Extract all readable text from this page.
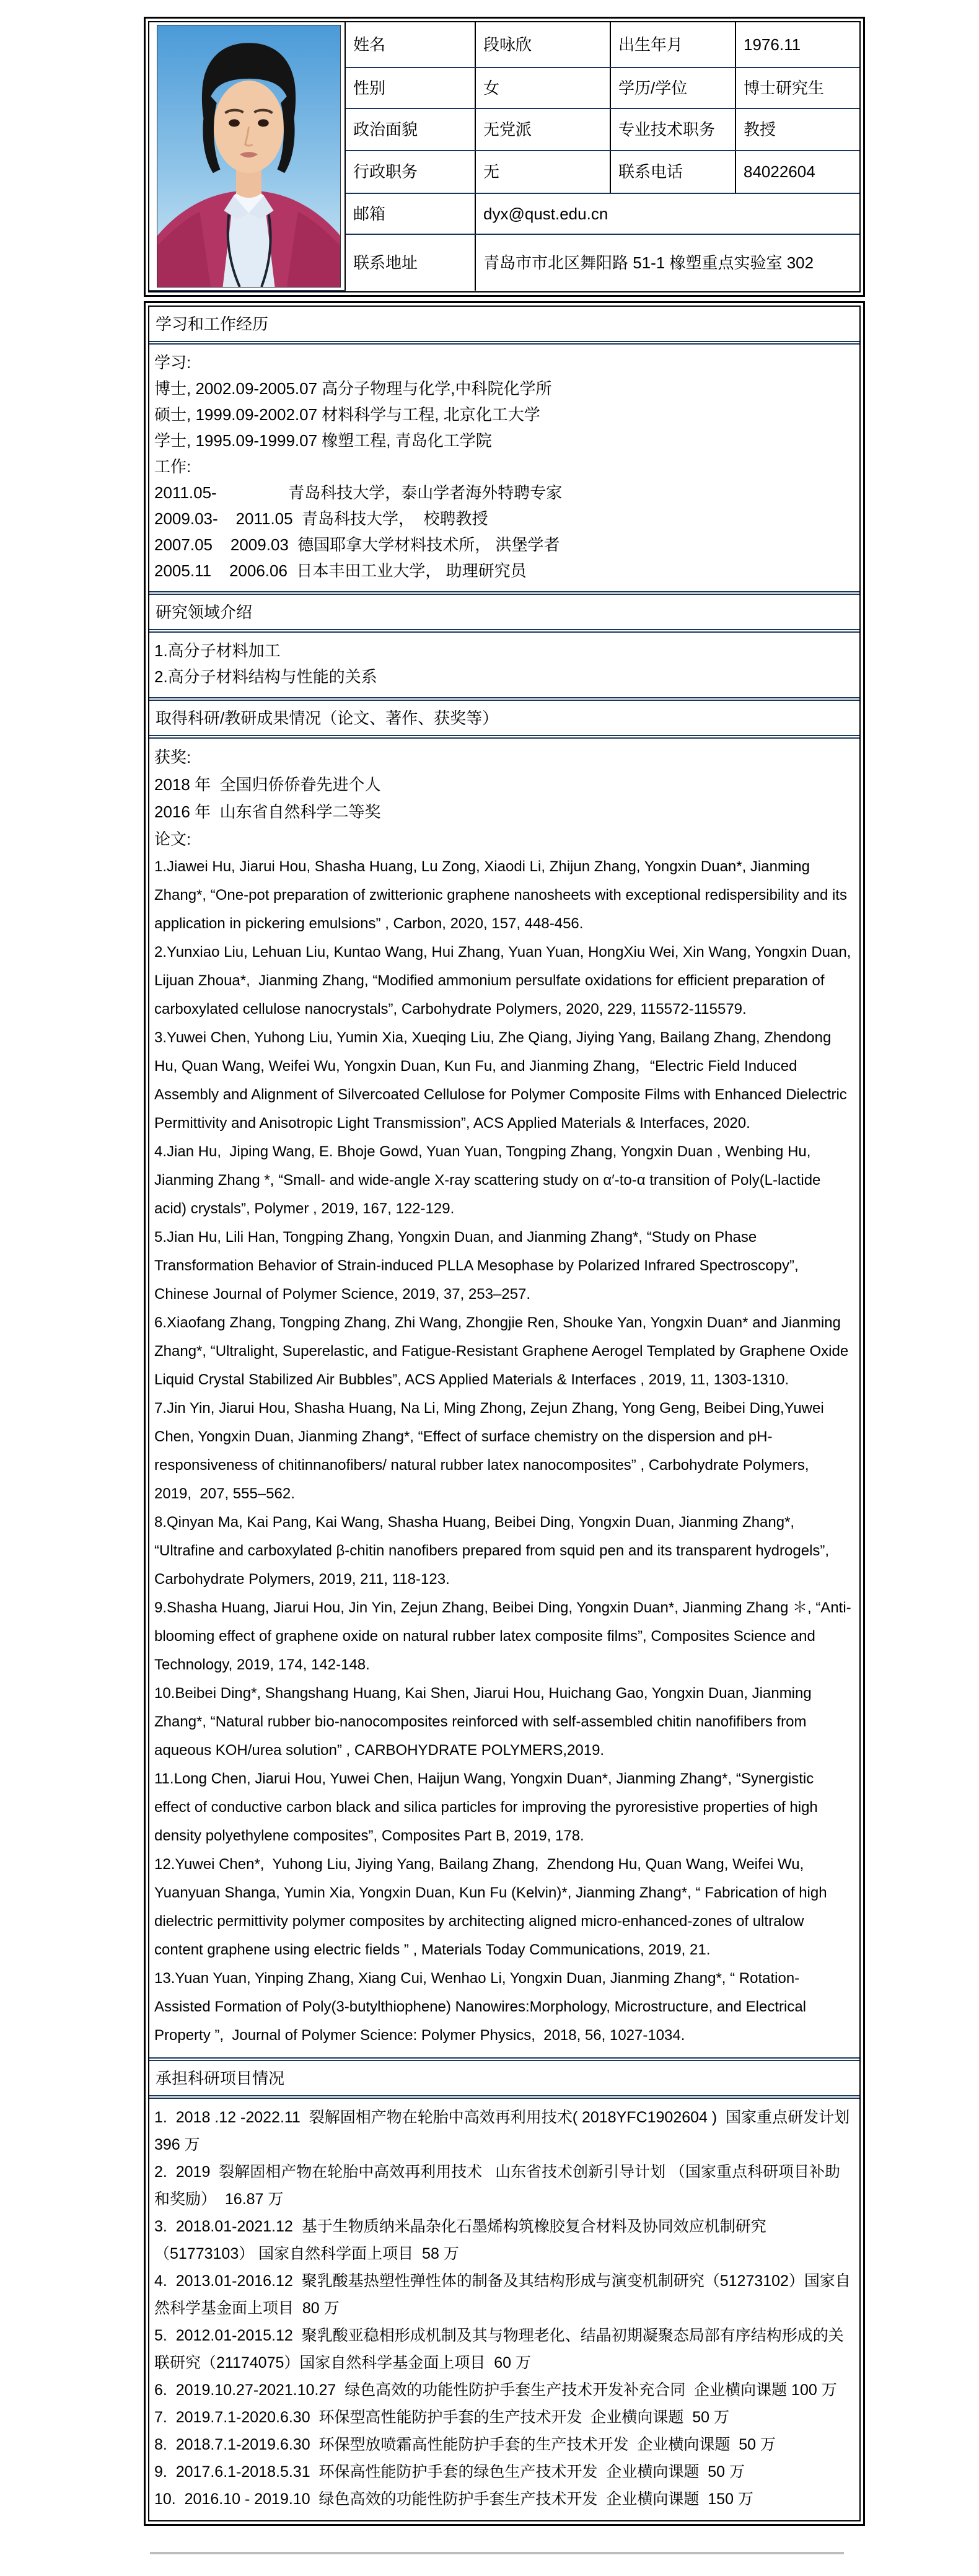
	姓名	段咏欣	出生年月	1976.11
	性别	女	学历/学位	博士研究生
	政治面貌	无党派	专业技术职务	教授
	行政职务	无	联系电话	84022604
	邮箱	dyx@qust.edu.cn		
	联系地址	青岛市市北区舞阳路 51-1 橡塑重点实验室 302		
学习和工作经历

学习:

博士, 2002.09-2005.07 高分子物理与化学,中科院化学所

硕士, 1999.09-2002.07 材料科学与工程, 北京化工大学

学士, 1995.09-1999.07 橡塑工程, 青岛化工学院

工作:

2011.05-                青岛科技大学，泰山学者海外特聘专家

2009.03-    2011.05  青岛科技大学，  校聘教授

2007.05    2009.03  德国耶拿大学材料技术所， 洪堡学者

2005.11    2006.06  日本丰田工业大学， 助理研究员

研究领域介绍

1.高分子材料加工

2.高分子材料结构与性能的关系

取得科研/教研成果情况（论文、著作、获奖等）

获奖:

2018 年  全国归侨侨眷先进个人

2016 年  山东省自然科学二等奖

论文:

1.Jiawei Hu, Jiarui Hou, Shasha Huang, Lu Zong, Xiaodi Li, Zhijun Zhang, Yongxin Duan*, Jianming Zhang*, “One-pot preparation of zwitterionic graphene nanosheets with exceptional redispersibility and its application in pickering emulsions” , Carbon, 2020, 157, 448-456.

2.Yunxiao Liu, Lehuan Liu, Kuntao Wang, Hui Zhang, Yuan Yuan, HongXiu Wei, Xin Wang, Yongxin Duan,  Lijuan Zhoua*,  Jianming Zhang, “Modified ammonium persulfate oxidations for efficient preparation of carboxylated cellulose nanocrystals”, Carbohydrate Polymers, 2020, 229, 115572-115579.

3.Yuwei Chen, Yuhong Liu, Yumin Xia, Xueqing Liu, Zhe Qiang, Jiying Yang, Bailang Zhang, Zhendong Hu, Quan Wang, Weifei Wu, Yongxin Duan, Kun Fu, and Jianming Zhang，“Electric Field Induced Assembly and Alignment of Silvercoated Cellulose for Polymer Composite Films with Enhanced Dielectric Permittivity and Anisotropic Light Transmission”, ACS Applied Materials & Interfaces, 2020.

4.Jian Hu,  Jiping Wang, E. Bhoje Gowd, Yuan Yuan, Tongping Zhang, Yongxin Duan , Wenbing Hu, Jianming Zhang *, “Small- and wide-angle X-ray scattering study on α′-to-α transition of Poly(L-lactide acid) crystals”, Polymer , 2019, 167, 122-129.

5.Jian Hu, Lili Han, Tongping Zhang, Yongxin Duan, and Jianming Zhang*, “Study on Phase Transformation Behavior of Strain-induced PLLA Mesophase by Polarized Infrared Spectroscopy”, Chinese Journal of Polymer Science, 2019, 37, 253–257.

6.Xiaofang Zhang, Tongping Zhang, Zhi Wang, Zhongjie Ren, Shouke Yan, Yongxin Duan* and Jianming Zhang*, “Ultralight, Superelastic, and Fatigue-Resistant Graphene Aerogel Templated by Graphene Oxide Liquid Crystal Stabilized Air Bubbles”, ACS Applied Materials & Interfaces , 2019, 11, 1303-1310.

7.Jin Yin, Jiarui Hou, Shasha Huang, Na Li, Ming Zhong, Zejun Zhang, Yong Geng, Beibei Ding,Yuwei Chen, Yongxin Duan, Jianming Zhang*, “Effect of surface chemistry on the dispersion and pH-responsiveness of chitinnanofibers/ natural rubber latex nanocomposites” , Carbohydrate Polymers,  2019,  207, 555–562.

8.Qinyan Ma, Kai Pang, Kai Wang, Shasha Huang, Beibei Ding, Yongxin Duan, Jianming Zhang*, “Ultrafine and carboxylated β-chitin nanofibers prepared from squid pen and its transparent hydrogels”, Carbohydrate Polymers, 2019, 211, 118-123.

9.Shasha Huang, Jiarui Hou, Jin Yin, Zejun Zhang, Beibei Ding, Yongxin Duan*, Jianming Zhang ＊, “Anti-blooming effect of graphene oxide on natural rubber latex composite films”, Composites Science and Technology, 2019, 174, 142-148.

10.Beibei Ding*, Shangshang Huang, Kai Shen, Jiarui Hou, Huichang Gao, Yongxin Duan, Jianming Zhang*, “Natural rubber bio-nanocomposites reinforced with self-assembled chitin nanofifibers from aqueous KOH/urea solution” , CARBOHYDRATE POLYMERS,2019.

11.Long Chen, Jiarui Hou, Yuwei Chen, Haijun Wang, Yongxin Duan*, Jianming Zhang*, “Synergistic effect of conductive carbon black and silica particles for improving the pyroresistive properties of high density polyethylene composites”, Composites Part B, 2019, 178.

12.Yuwei Chen*,  Yuhong Liu, Jiying Yang, Bailang Zhang,  Zhendong Hu, Quan Wang, Weifei Wu, Yuanyuan Shanga, Yumin Xia, Yongxin Duan, Kun Fu (Kelvin)*, Jianming Zhang*, “ Fabrication of high dielectric permittivity polymer composites by architecting aligned micro-enhanced-zones of ultralow content graphene using electric fields ” , Materials Today Communications, 2019, 21.

13.Yuan Yuan, Yinping Zhang, Xiang Cui, Wenhao Li, Yongxin Duan, Jianming Zhang*, “ Rotation-Assisted Formation of Poly(3-butylthiophene) Nanowires:Morphology, Microstructure, and Electrical Property ”,  Journal of Polymer Science: Polymer Physics,  2018, 56, 1027-1034.

承担科研项目情况

1.  2018 .12 -2022.11  裂解固相产物在轮胎中高效再利用技术( 2018YFC1902604 )  国家重点研发计划  396 万

2.  2019  裂解固相产物在轮胎中高效再利用技术   山东省技术创新引导计划 （国家重点科研项目补助和奖励）  16.87 万

3.  2018.01-2021.12  基于生物质纳米晶杂化石墨烯构筑橡胶复合材料及协同效应机制研究（51773103） 国家自然科学面上项目  58 万

4.  2013.01-2016.12  聚乳酸基热塑性弹性体的制备及其结构形成与演变机制研究（51273102）国家自然科学基金面上项目  80 万

5.  2012.01-2015.12  聚乳酸亚稳相形成机制及其与物理老化、结晶初期凝聚态局部有序结构形成的关联研究（21174075）国家自然科学基金面上项目  60 万

6.  2019.10.27-2021.10.27  绿色高效的功能性防护手套生产技术开发补充合同  企业横向课题 100 万

7.  2019.7.1-2020.6.30  环保型高性能防护手套的生产技术开发  企业横向课题  50 万

8.  2018.7.1-2019.6.30  环保型放喷霜高性能防护手套的生产技术开发  企业横向课题  50 万

9.  2017.6.1-2018.5.31  环保高性能防护手套的绿色生产技术开发  企业横向课题  50 万

10.  2016.10 - 2019.10  绿色高效的功能性防护手套生产技术开发  企业横向课题  150 万
